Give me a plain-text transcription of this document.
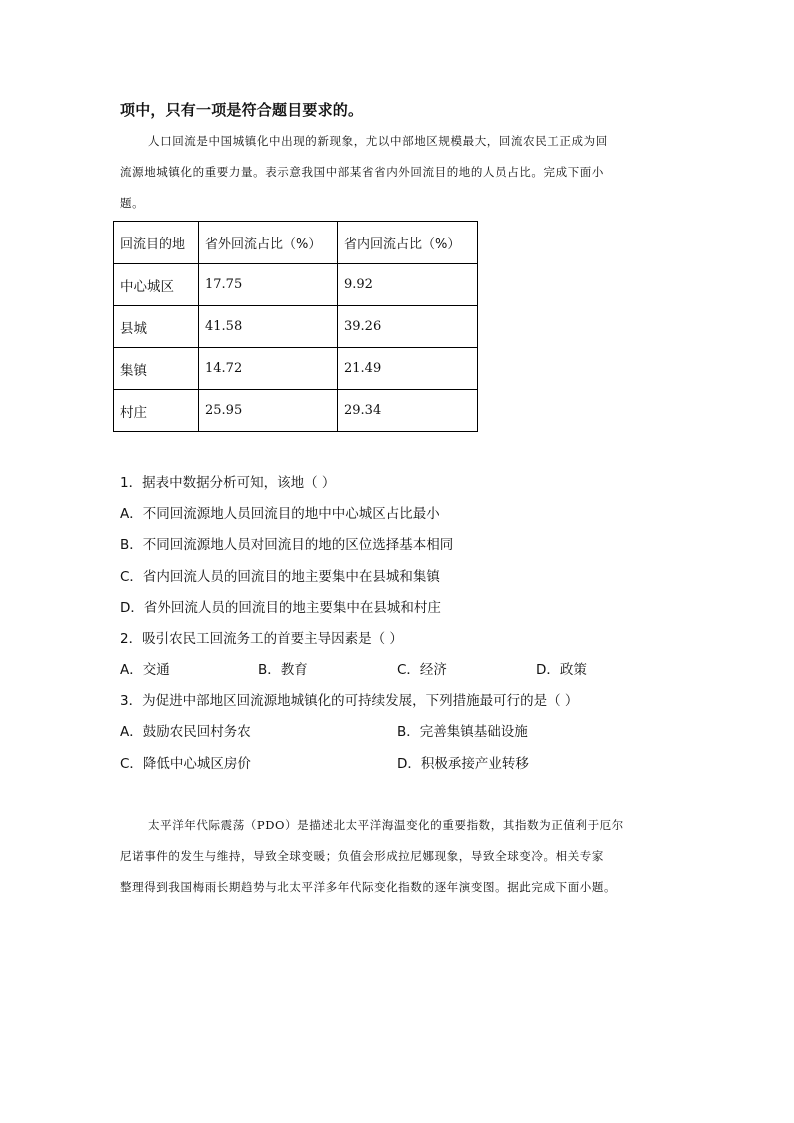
项中，只有一项是符合题目要求的。
人口回流是中国城镇化中出现的新现象，尤以中部地区规模最大，回流农民工正成为回
流源地城镇化的重要力量。表示意我国中部某省省内外回流目的地的人员占比。完成下面小
题。
回流目的地	省外回流占比（%）	省内回流占比（%）
中心城区	17.75	9.92
县城	41.58	39.26
集镇	14.72	21.49
村庄	25.95	29.34
1．据表中数据分析可知，该地（ ）
A．不同回流源地人员回流目的地中中心城区占比最小
B．不同回流源地人员对回流目的地的区位选择基本相同
C．省内回流人员的回流目的地主要集中在县城和集镇
D．省外回流人员的回流目的地主要集中在县城和村庄
2．吸引农民工回流务工的首要主导因素是（ ）
A．交通	B．教育	C．经济	D．政策
3．为促进中部地区回流源地城镇化的可持续发展，下列措施最可行的是（ ）
A．鼓励农民回村务农	B．完善集镇基础设施
C．降低中心城区房价	D．积极承接产业转移
太平洋年代际震荡（PDO）是描述北太平洋海温变化的重要指数，其指数为正值利于厄尔
尼诺事件的发生与维持，导致全球变暖；负值会形成拉尼娜现象，导致全球变冷。相关专家
整理得到我国梅雨长期趋势与北太平洋多年代际变化指数的逐年演变图。据此完成下面小题。
